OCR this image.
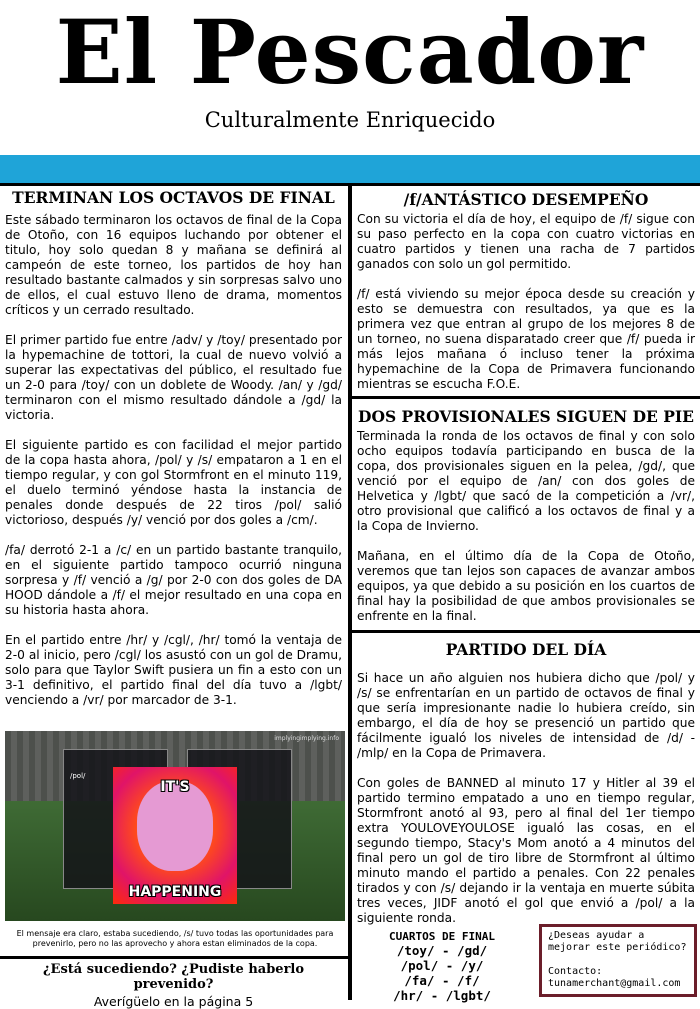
El Pescador
Culturalmente Enriquecido
TERMINAN LOS OCTAVOS DE FINAL

Este sábado terminaron los octavos de final de la Copa de Otoño, con 16 equipos luchando por obtener el titulo, hoy solo quedan 8 y mañana se definirá al campeón de este torneo, los partidos de hoy han resultado bastante calmados y sin sorpresas salvo uno de ellos, el cual estuvo lleno de drama, momentos críticos y un cerrado resultado.

El primer partido fue entre /adv/ y /toy/ presentado por la hypemachine de tottori, la cual de nuevo volvió a superar las expectativas del público, el resultado fue un 2-0 para /toy/ con un doblete de Woody. /an/ y /gd/ terminaron con el mismo resultado dándole a /gd/ la victoria.

El siguiente partido es con facilidad el mejor partido de la copa hasta ahora, /pol/ y /s/ empataron a 1 en el tiempo regular, y con gol Stormfront en el minuto 119, el duelo terminó yéndose hasta la instancia de penales donde después de 22 tiros /pol/ salió victorioso, después /y/ venció por dos goles a /cm/.

/fa/ derrotó 2-1 a /c/ en un partido bastante tranquilo, en el siguiente partido tampoco ocurrió ninguna sorpresa y /f/ venció a /g/ por 2-0 con dos goles de DA HOOD dándole a /f/ el mejor resultado en una copa en su historia hasta ahora.

En el partido entre /hr/ y /cgl/, /hr/ tomó la ventaja de 2-0 al inicio, pero /cgl/ los asustó con un gol de Dramu, solo para que Taylor Swift pusiera un fin a esto con un 3-1 definitivo, el partido final del día tuvo a /lgbt/ venciendo a /vr/ por marcador de 3-1.

/pol/
IT'S
HAPPENING
implyingimplying.info
El mensaje era claro, estaba sucediendo, /s/ tuvo todas las oportunidades para prevenirlo, pero no las aprovecho y ahora estan eliminados de la copa.
¿Está sucediendo? ¿Pudiste haberlo prevenido?
Averígüelo en la página 5
/f/ANTÁSTICO DESEMPEÑO

Con su victoria el día de hoy, el equipo de /f/ sigue con su paso perfecto en la copa con cuatro victorias en cuatro partidos y tienen una racha de 7 partidos ganados con solo un gol permitido.

/f/ está viviendo su mejor época desde su creación y esto se demuestra con resultados, ya que es la primera vez que entran al grupo de los mejores 8 de un torneo, no suena disparatado creer que /f/ pueda ir más lejos mañana ó incluso tener la próxima hypemachine de la Copa de Primavera funcionando mientras se escucha F.O.E.

DOS PROVISIONALES SIGUEN DE PIE

Terminada la ronda de los octavos de final y con solo ocho equipos todavía participando en busca de la copa, dos provisionales siguen en la pelea, /gd/, que venció por el equipo de /an/ con dos goles de Helvetica y /lgbt/ que sacó de la competición a /vr/, otro provisional que calificó a los octavos de final y a la Copa de Invierno.

Mañana, en el último día de la Copa de Otoño, veremos que tan lejos son capaces de avanzar ambos equipos, ya que debido a su posición en los cuartos de final hay la posibilidad de que ambos provisionales se enfrente en la final.

PARTIDO DEL DÍA

Si hace un año alguien nos hubiera dicho que /pol/ y /s/ se enfrentarían en un partido de octavos de final y que sería impresionante nadie lo hubiera creído, sin embargo, el día de hoy se presenció un partido que fácilmente igualó los niveles de intensidad de /d/ - /mlp/ en la Copa de Primavera.

Con goles de BANNED al minuto 17 y Hitler al 39 el partido termino empatado a uno en tiempo regular, Stormfront anotó al 93, pero al final del 1er tiempo extra YOULOVEYOULOSE igualó las cosas, en el segundo tiempo, Stacy's Mom anotó a 4 minutos del final pero un gol de tiro libre de Stormfront al último minuto mando el partido a penales. Con 22 penales tirados y con /s/ dejando ir la ventaja en muerte súbita tres veces, JIDF anotó el gol que envió a /pol/ a la siguiente ronda.

CUARTOS DE FINAL
/toy/ - /gd/
/pol/ - /y/
/fa/ - /f/
/hr/ - /lgbt/
¿Deseas ayudar a
mejorar este periódico?
Contacto:
tunamerchant@gmail.com
